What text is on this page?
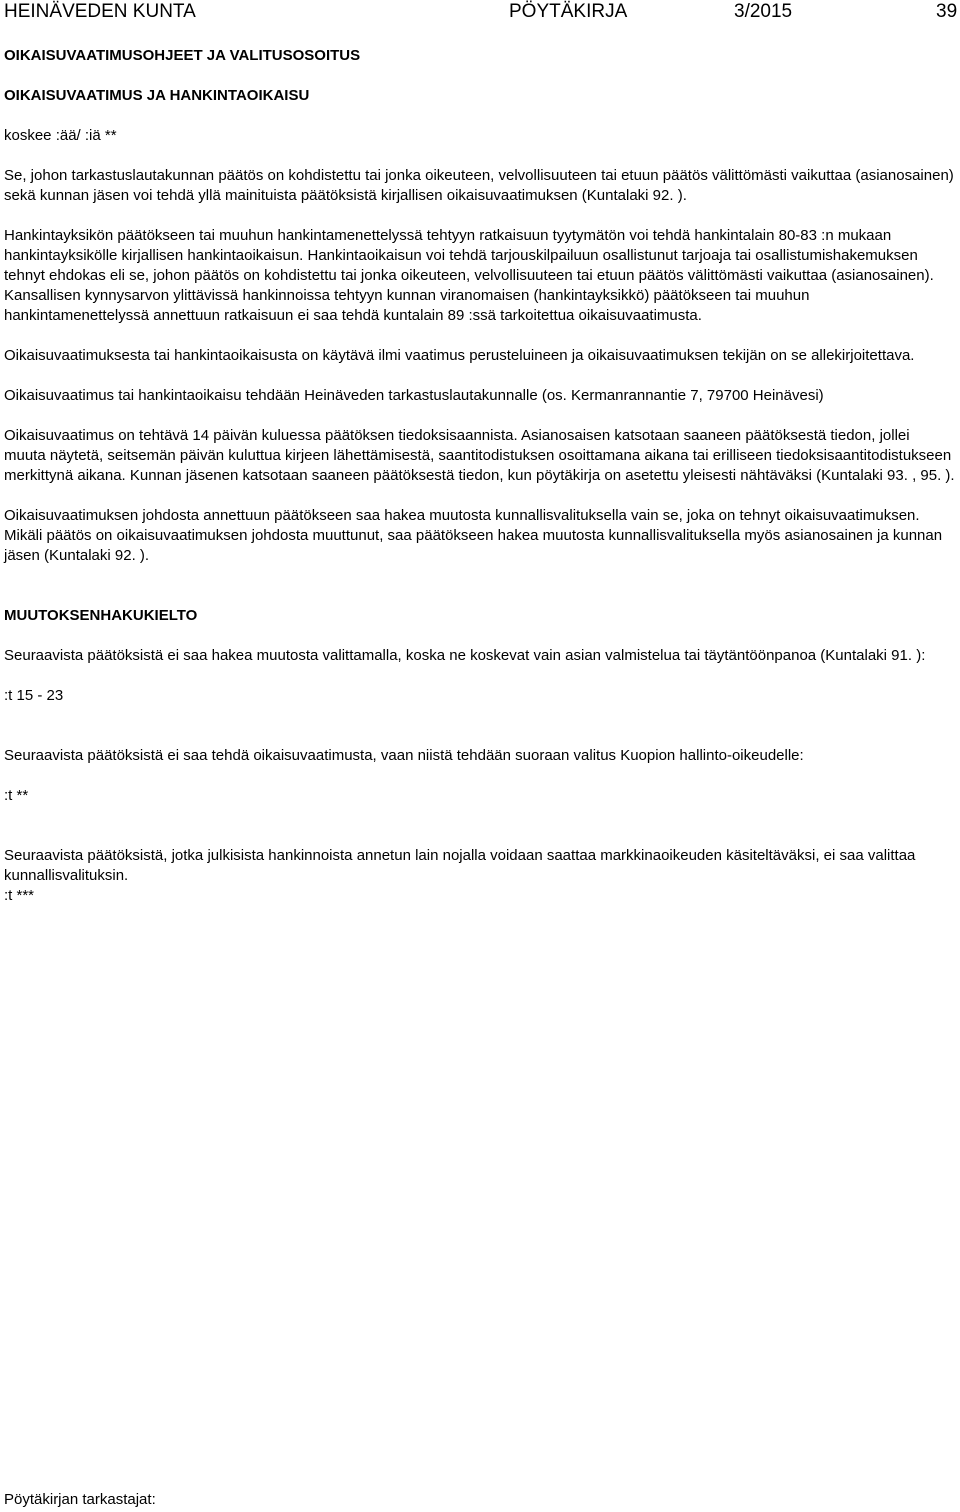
HEINÄVEDEN KUNTA	PÖYTÄKIRJA	3/2015	39

OIKAISUVAATIMUSOHJEET JA VALITUSOSOITUS

OIKAISUVAATIMUS JA HANKINTAOIKAISU

koskee :ää/ :iä **

Se, johon tarkastuslautakunnan päätös on kohdistettu tai jonka oikeuteen, velvollisuuteen tai etuun päätös välittömästi vaikuttaa (asianosainen) sekä kunnan jäsen voi tehdä yllä mainituista päätöksistä kirjallisen oikaisuvaatimuksen (Kuntalaki 92. ).

Hankintayksikön päätökseen tai muuhun hankintamenettelyssä tehtyyn ratkaisuun tyytymätön voi tehdä hankintalain 80-83 :n mukaan hankintayksikölle kirjallisen hankintaoikaisun. Hankintaoikaisun voi tehdä tarjouskilpailuun osallistunut tarjoaja tai osallistumishakemuksen tehnyt ehdokas eli se, johon päätös on kohdistettu tai jonka oikeuteen, velvollisuuteen tai etuun päätös välittömästi vaikuttaa (asianosainen). Kansallisen kynnysarvon ylittävissä hankinnoissa tehtyyn kunnan viranomaisen (hankintayksikkö) päätökseen tai muuhun hankintamenettelyssä annettuun ratkaisuun ei saa tehdä kuntalain 89 :ssä tarkoitettua oikaisuvaatimusta.

Oikaisuvaatimuksesta tai hankintaoikaisusta on käytävä ilmi vaatimus perusteluineen ja oikaisuvaatimuksen tekijän on se allekirjoitettava.

Oikaisuvaatimus tai hankintaoikaisu tehdään Heinäveden tarkastuslautakunnalle (os. Kermanrannantie 7, 79700 Heinävesi)

Oikaisuvaatimus on tehtävä 14 päivän kuluessa päätöksen tiedoksisaannista. Asianosaisen katsotaan saaneen päätöksestä tiedon, jollei muuta näytetä, seitsemän päivän kuluttua kirjeen lähettämisestä, saantitodistuksen osoittamana aikana tai erilliseen tiedoksisaantitodistukseen merkittynä aikana. Kunnan jäsenen katsotaan saaneen päätöksestä tiedon, kun pöytäkirja on asetettu yleisesti nähtäväksi (Kuntalaki 93. , 95. ).

Oikaisuvaatimuksen johdosta annettuun päätökseen saa hakea muutosta kunnallisvalituksella vain se, joka on tehnyt oikaisuvaatimuksen. Mikäli päätös on oikaisuvaatimuksen johdosta muuttunut, saa päätökseen hakea muutosta kunnallisvalituksella myös asianosainen ja kunnan jäsen (Kuntalaki 92. ).

MUUTOKSENHAKUKIELTO

Seuraavista päätöksistä ei saa hakea muutosta valittamalla, koska ne koskevat vain asian valmistelua tai täytäntöönpanoa (Kuntalaki 91. ):

:t 15 - 23

Seuraavista päätöksistä ei saa tehdä oikaisuvaatimusta, vaan niistä tehdään suoraan valitus Kuopion hallinto-oikeudelle:

:t **

Seuraavista päätöksistä, jotka julkisista hankinnoista annetun lain nojalla voidaan saattaa markkinaoikeuden käsiteltäväksi, ei saa valittaa kunnallisvalituksin.

:t ***

Pöytäkirjan tarkastajat:
